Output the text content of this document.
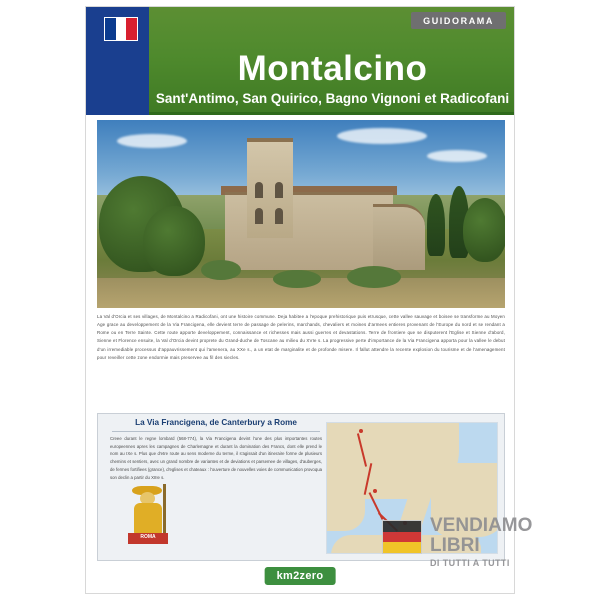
GUIDORAMA
Montalcino
Sant'Antimo, San Quirico, Bagno Vignoni et Radicofani
La Val d'Orcia et ses villages, de Montalcino a Radicofani, ont une histoire commune. Deja habitee a l'epoque prehistorique puis etrusque, cette vallee sauvage et boisee se transforme au Moyen Age grace au developpement de la Via Francigena, elle devient terre de passage de pelerins, marchands, chevaliers et moines d'armees entieres provenant de l'Europe du nord et se rendant a Rome ou en Terre Sainte. Cette route apporte developpement, connaissance et richesses mais aussi guerres et devastations. Terre de frontiere que se disputerent l'Eglise et Sienne d'abord, Sienne et Florence ensuite, la Val d'Orcia devint proprete du Grand-duche de Toscane au milieu du XVIe s. La progressive perte d'importance de la Via Francigena apporta pour la vallee le debut d'un irremediable processus d'appauvrissement qui l'amenera, au XXe s., a un etat de marginalite et de profonde misere. Il fallut attendre la recente explosion du tourisme et de l'amenagement pour reveiller cette zone endormie mais preservee au fil des siecles.
La Via Francigena, de Canterbury a Rome
Creee durant le regne lombard (568-774), la Via Francigena devint l'une des plus importantes routes europeennes apres les campagnes de Charlemagne et durant la domination des Francs, dont elle prend le nom au IXe s. Plus que d'etre route au sens moderne du terme, il s'agissait d'un itineraire forme de plusieurs chemins et sentiers, avec un grand nombre de variantes et de deviations et parsemee de villages, d'auberges, de fermes fortifiees (grance), d'eglises et chateaux : l'ouverture de nouvelles voies de communication provoqua son declin a partir du XIIIe s.
ROMA
km2zero
VENDIAMO
LIBRI
DI TUTTI A TUTTI
